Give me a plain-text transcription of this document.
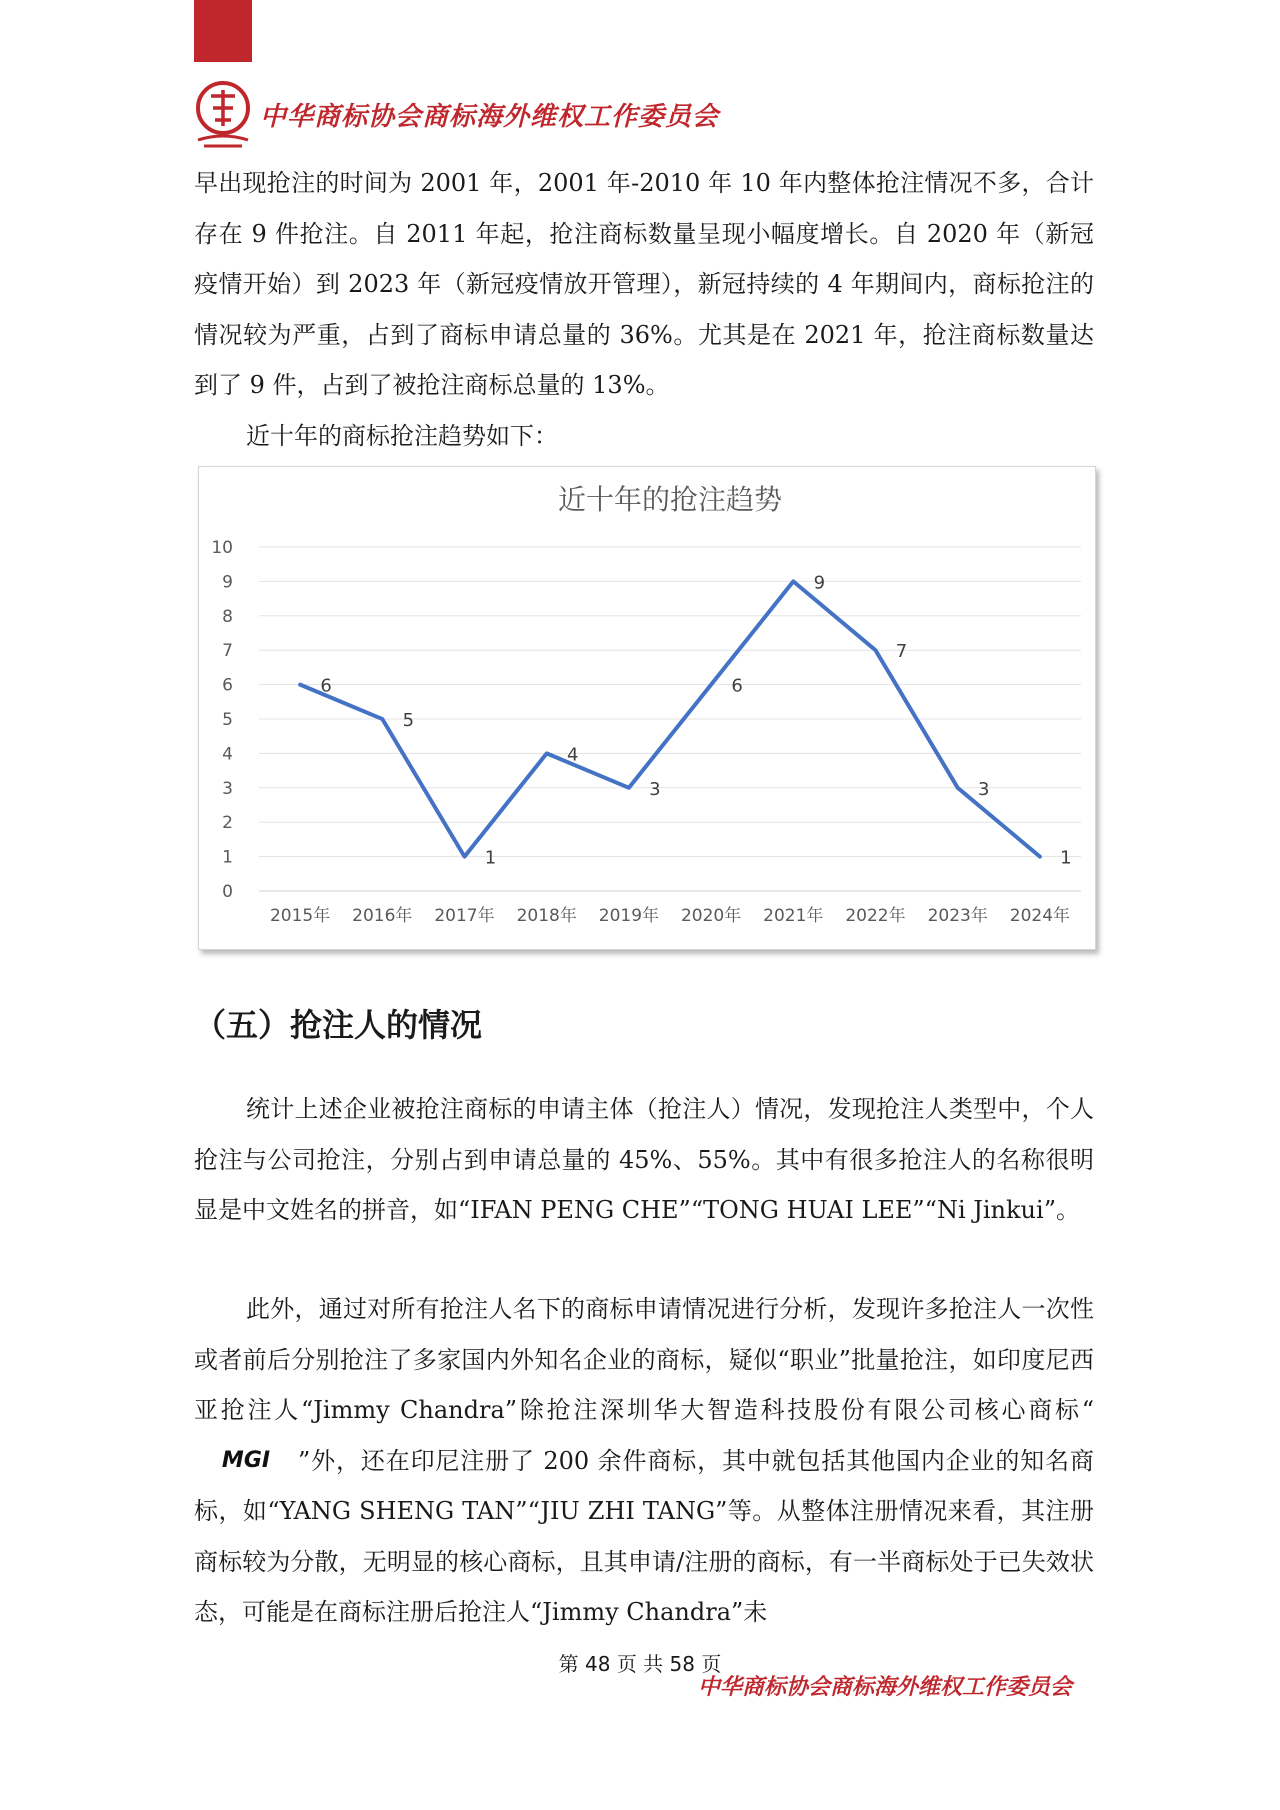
中华商标协会商标海外维权工作委员会

早出现抢注的时间为 2001 年，2001 年-2010 年 10 年内整体抢注情况不多，合计存在 9 件抢注。自 2011 年起，抢注商标数量呈现小幅度增长。自 2020 年（新冠疫情开始）到 2023 年（新冠疫情放开管理），新冠持续的 4 年期间内，商标抢注的情况较为严重，占到了商标申请总量的 36%。尤其是在 2021 年，抢注商标数量达到了 9 件，占到了被抢注商标总量的 13%。

近十年的商标抢注趋势如下：

近十年的抢注趋势
0
1
2
3
4
5
6
7
8
9
10
2015年 2016年 2017年 2018年 2019年 2020年 2021年 2022年 2023年 2024年
6
5
1
4
3
6
9
7
3
1
（五）抢注人的情况

统计上述企业被抢注商标的申请主体（抢注人）情况，发现抢注人类型中，个人抢注与公司抢注，分别占到申请总量的 45%、55%。其中有很多抢注人的名称很明显是中文姓名的拼音，如“IFAN PENG CHE”“TONG HUAI LEE”“Ni Jinkui”。

此外，通过对所有抢注人名下的商标申请情况进行分析，发现许多抢注人一次性或者前后分别抢注了多家国内外知名企业的商标，疑似“职业”批量抢注，如印度尼西亚抢注人“Jimmy Chandra”除抢注深圳华大智造科技股份有限公司核心商标“
MGI ”外，还在印尼注册了 200 余件商标，其中就包括其他国内企业的知名商标，如“YANG SHENG TAN”“JIU ZHI TANG”等。从整体注册情况来看，其注册商标较为分散，无明显的核心商标，且其申请/注册的商标，有一半商标处于已失效状态，可能是在商标注册后抢注人“Jimmy Chandra”未

第 48 页 共 58 页
中华商标协会商标海外维权工作委员会
